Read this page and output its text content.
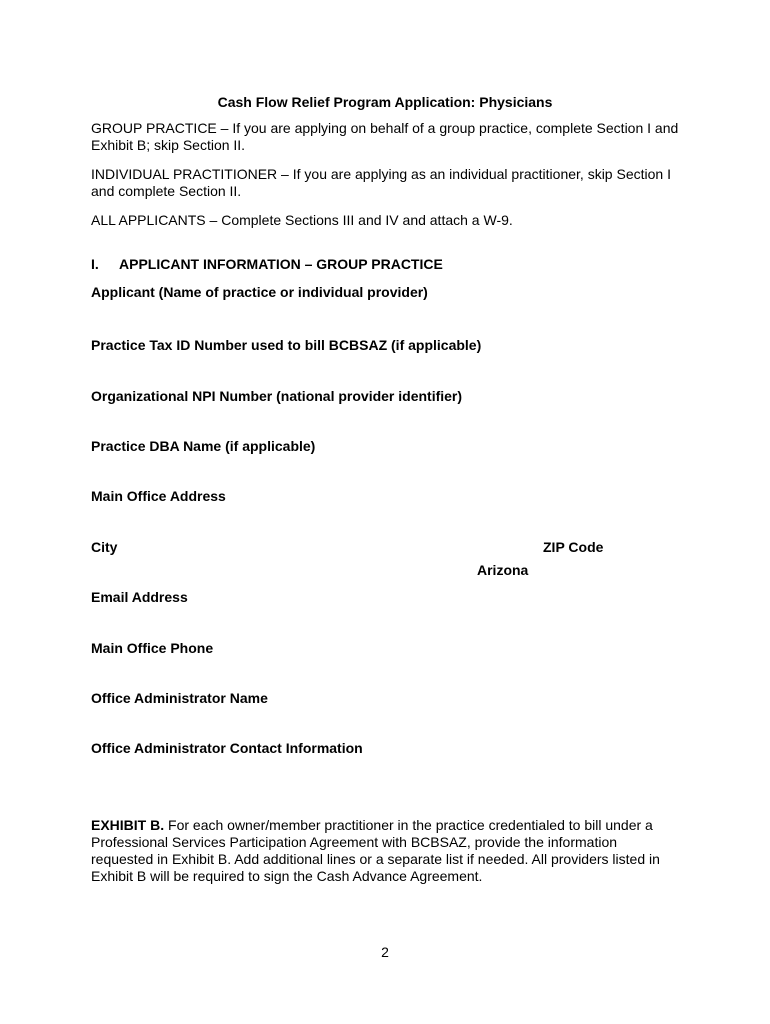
Cash Flow Relief Program Application: Physicians
GROUP PRACTICE – If you are applying on behalf of a group practice, complete Section I and Exhibit B; skip Section II.
INDIVIDUAL PRACTITIONER – If you are applying as an individual practitioner, skip Section I and complete Section II.
ALL APPLICANTS – Complete Sections III and IV and attach a W-9.
I. APPLICANT INFORMATION – GROUP PRACTICE
Applicant (Name of practice or individual provider)
Practice Tax ID Number used to bill BCBSAZ (if applicable)
Organizational NPI Number (national provider identifier)
Practice DBA Name (if applicable)
Main Office Address
City	ZIP Code
Arizona
Email Address
Main Office Phone
Office Administrator Name
Office Administrator Contact Information
EXHIBIT B. For each owner/member practitioner in the practice credentialed to bill under a
Professional Services Participation Agreement with BCBSAZ, provide the information
requested in Exhibit B. Add additional lines or a separate list if needed. All providers listed in
Exhibit B will be required to sign the Cash Advance Agreement.
2
